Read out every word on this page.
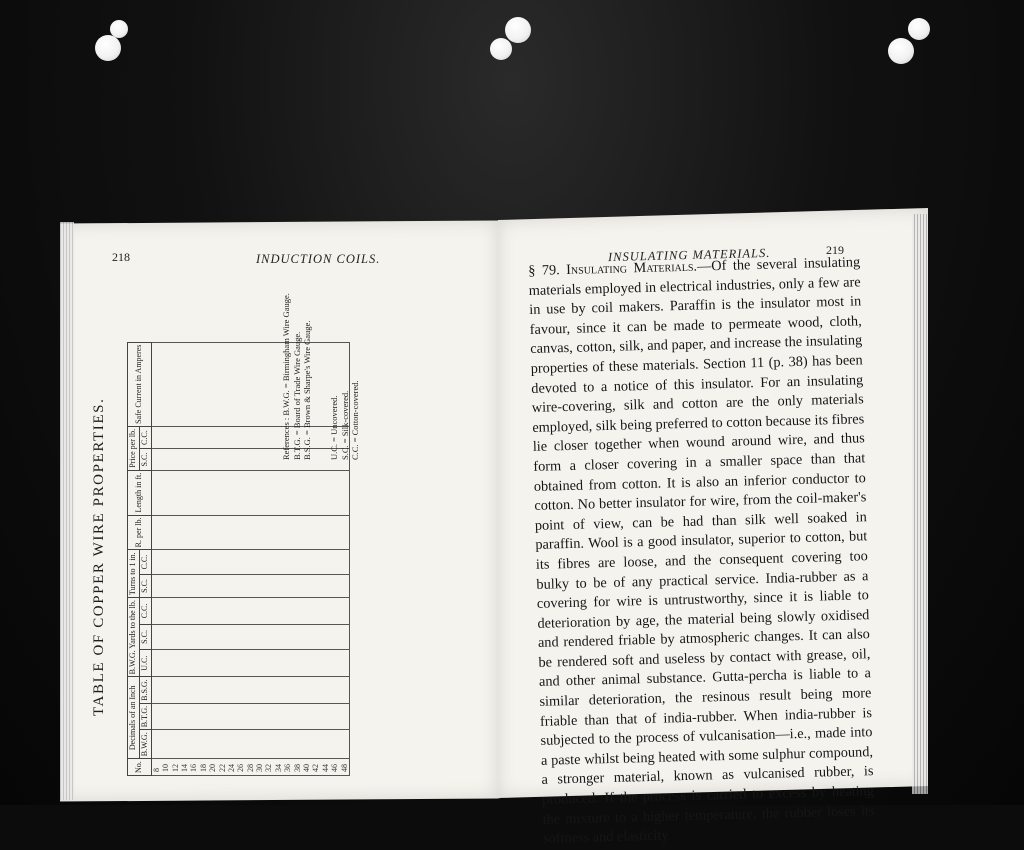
218	INDUCTION COILS.
TABLE OF COPPER WIRE PROPERTIES.
No.	Decimals of an Inch			B.W.G. Yards to the lb.			Turns to 1 in.		R. per lb.	Length in ft.	Price per lb.		Safe Current in Amperes
	B.W.G.	B.T.G.	B.S.G.	U.C.	S.C.	C.C.	S.C.	C.C.			S.C.	C.C.	
8													
10													
12													
14													
16													
18													
20													
22													
24													
26													
28													
30													
32													
34													
36													
38													
40													
42													
44													
46													
48													
References : B.W.G. = Birmingham Wire Gauge.
B.T.G. = Board of Trade Wire Gauge.
B.S.G. = Brown & Sharpe's Wire Gauge. U.C. = Uncovered.
S.C. = Silk-covered.
C.C. = Cotton-covered.
INSULATING MATERIALS.	219
§ 79. Insulating Materials.—Of the several insulating materials employed in electrical industries, only a few are in use by coil makers. Paraffin is the insulator most in favour, since it can be made to permeate wood, cloth, canvas, cotton, silk, and paper, and increase the insulating properties of these materials. Section 11 (p. 38) has been devoted to a notice of this insulator. For an insulating wire-covering, silk and cotton are the only materials employed, silk being preferred to cotton because its fibres lie closer together when wound around wire, and thus form a closer covering in a smaller space than that obtained from cotton. It is also an inferior conductor to cotton. No better insulator for wire, from the coil-maker's point of view, can be had than silk well soaked in paraffin. Wool is a good insulator, superior to cotton, but its fibres are loose, and the consequent covering too bulky to be of any practical service. India-rubber as a covering for wire is untrustworthy, since it is liable to deterioration by age, the material being slowly oxidised and rendered friable by atmospheric changes. It can also be rendered soft and useless by contact with grease, oil, and other animal substance. Gutta-percha is liable to a similar deterioration, the resinous result being more friable than that of india-rubber. When india-rubber is subjected to the process of vulcanisation—i.e., made into a paste whilst being heated with some sulphur compound, a stronger material, known as vulcanised rubber, is produced. If the process is carried to excess by heating the mixture to a higher temperature, the rubber loses its softness and elasticity
